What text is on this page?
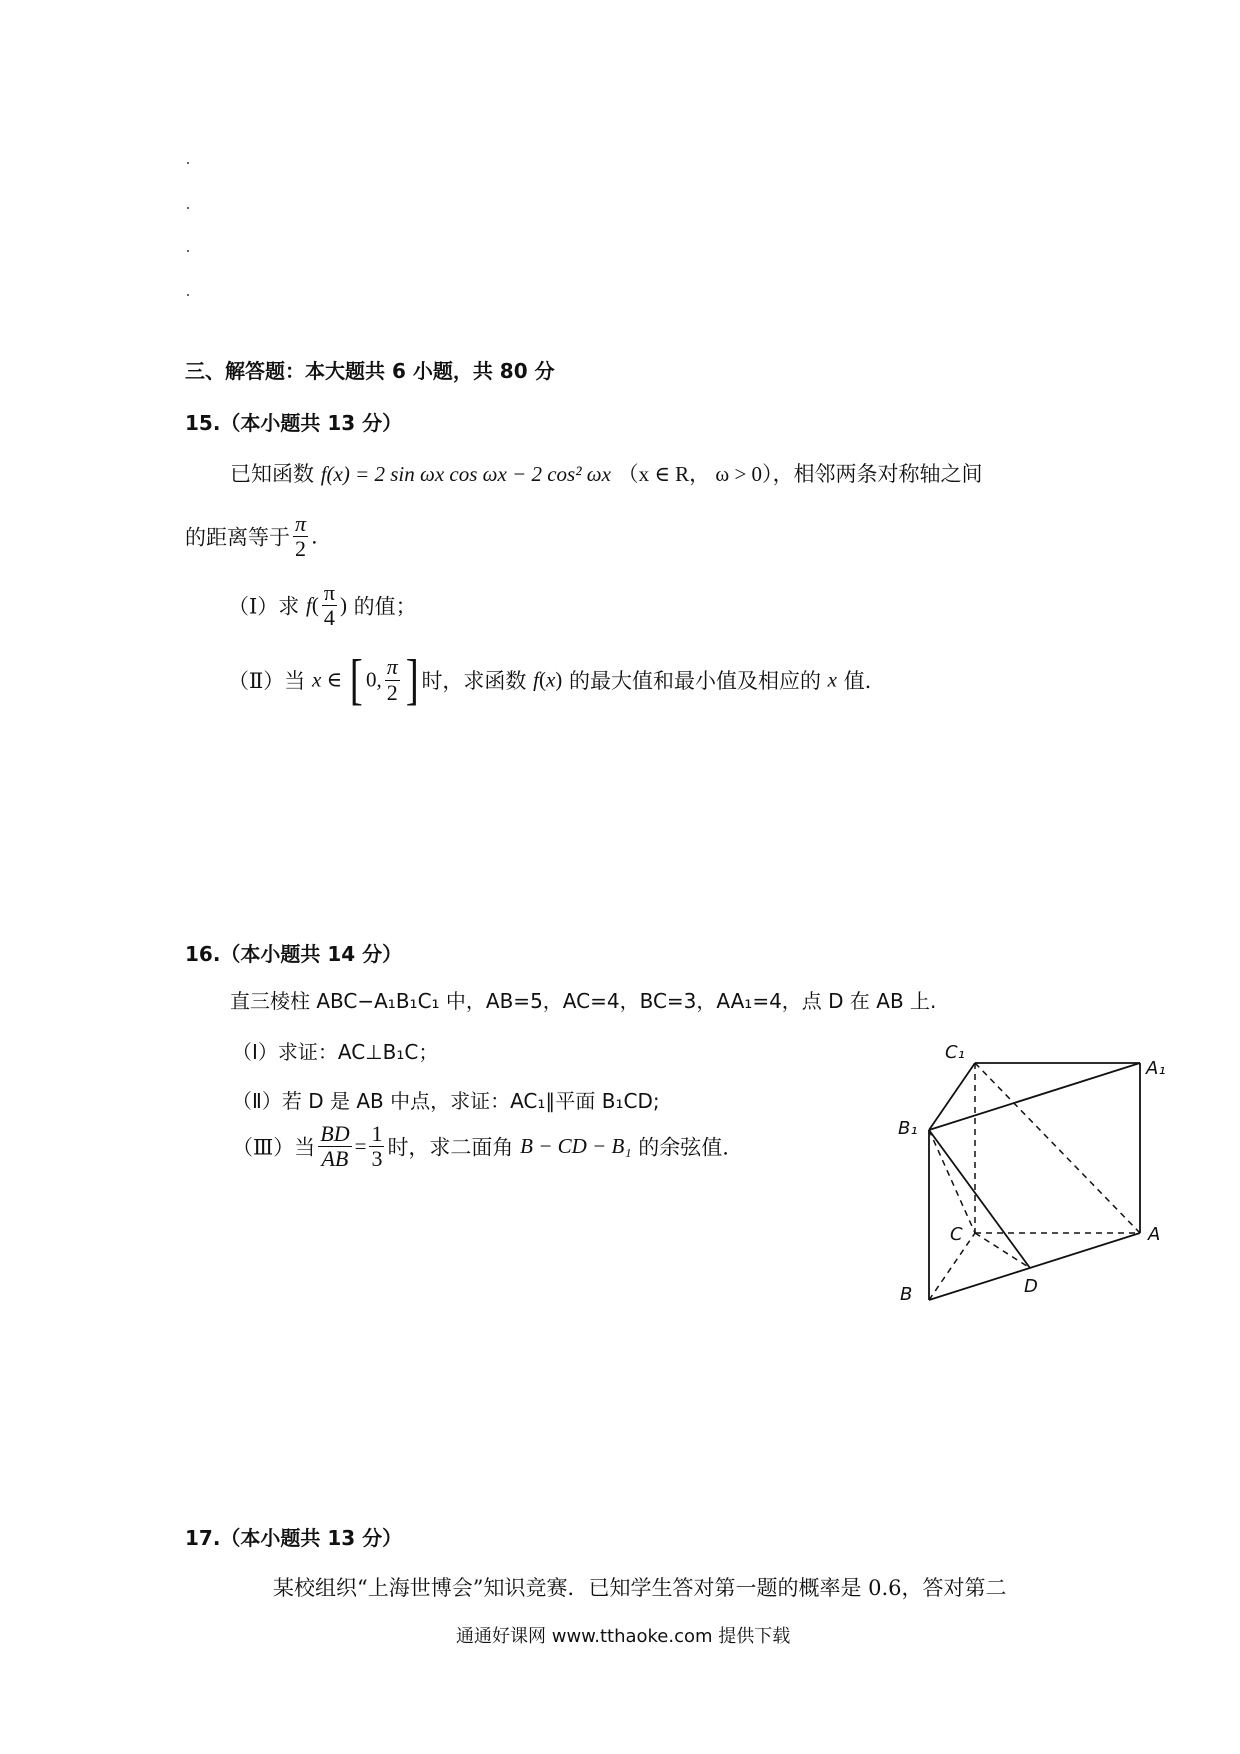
三、解答题：本大题共 6 小题，共 80 分
15.（本小题共 13 分）
已知函数 f(x) = 2 sin ωx cos ωx − 2 cos² ωx （x ∈ R， ω > 0），相邻两条对称轴之间
的距离等于 $\frac{\pi}{2}$ .
（Ⅰ）求 $f( \frac{\pi}{4}$ ) 的值；
（Ⅱ）当 x ∈ [ 0, $\frac{\pi}{2}$ ] 时，求函数 f(x) 的最大值和最小值及相应的 x 值.
16.（本小题共 14 分）
直三棱柱 ABC−A₁B₁C₁ 中，AB=5，AC=4，BC=3，AA₁=4，点 D 在 AB 上.
（Ⅰ）求证：AC⊥B₁C；
（Ⅱ）若 D 是 AB 中点，求证：AC₁∥平面 B₁CD;
（Ⅲ）当 $\frac{BD}{AB} = \frac{1}{3}$ 时，求二面角 B − CD − B₁ 的余弦值.
C₁
A₁
B₁
C	A
D
B
17.（本小题共 13 分）
某校组织“上海世博会”知识竞赛．已知学生答对第一题的概率是 0.6，答对第二
通通好课网 www.tthaoke.com 提供下载
